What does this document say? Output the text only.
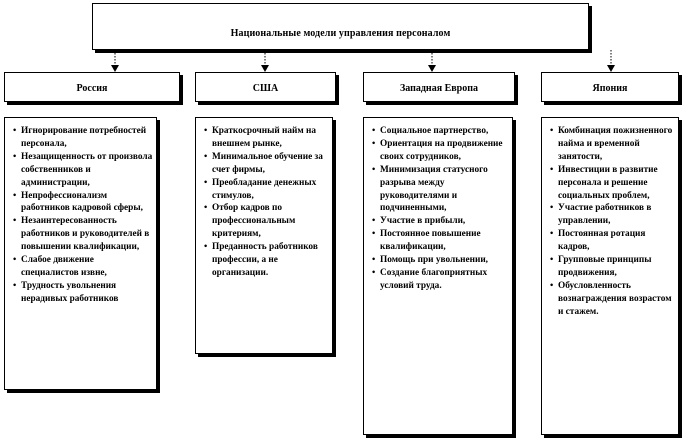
Национальные модели управления персоналом
Россия	США	Западная Европа	Япония
• Игнорирование потребностей персонала,
• Незащищенность от произвола собственников и администрации,
• Непрофессионализм работников кадровой сферы,
• Незаинтересованность работников и руководителей в повышении квалификации,
• Слабое движение специалистов извне,
• Трудность увольнения нерадивых работников
• Краткосрочный найм на внешнем рынке,
• Минимальное обучение за счет фирмы,
• Преобладание денежных стимулов,
• Отбор кадров по профессиональным критериям,
• Преданность работников профессии, а не организации.
• Социальное партнерство,
• Ориентация на продвижение своих сотрудников,
• Минимизация статусного разрыва между руководителями и подчиненными,
• Участие в прибыли,
• Постоянное повышение квалификации,
• Помощь при увольнении,
• Создание благоприятных условий труда.
• Комбинация пожизненного найма и временной занятости,
• Инвестиции в развитие персонала и решение социальных проблем,
• Участие работников в управлении,
• Постоянная ротация кадров,
• Групповые принципы продвижения,
• Обусловленность вознаграждения возрастом и стажем.
